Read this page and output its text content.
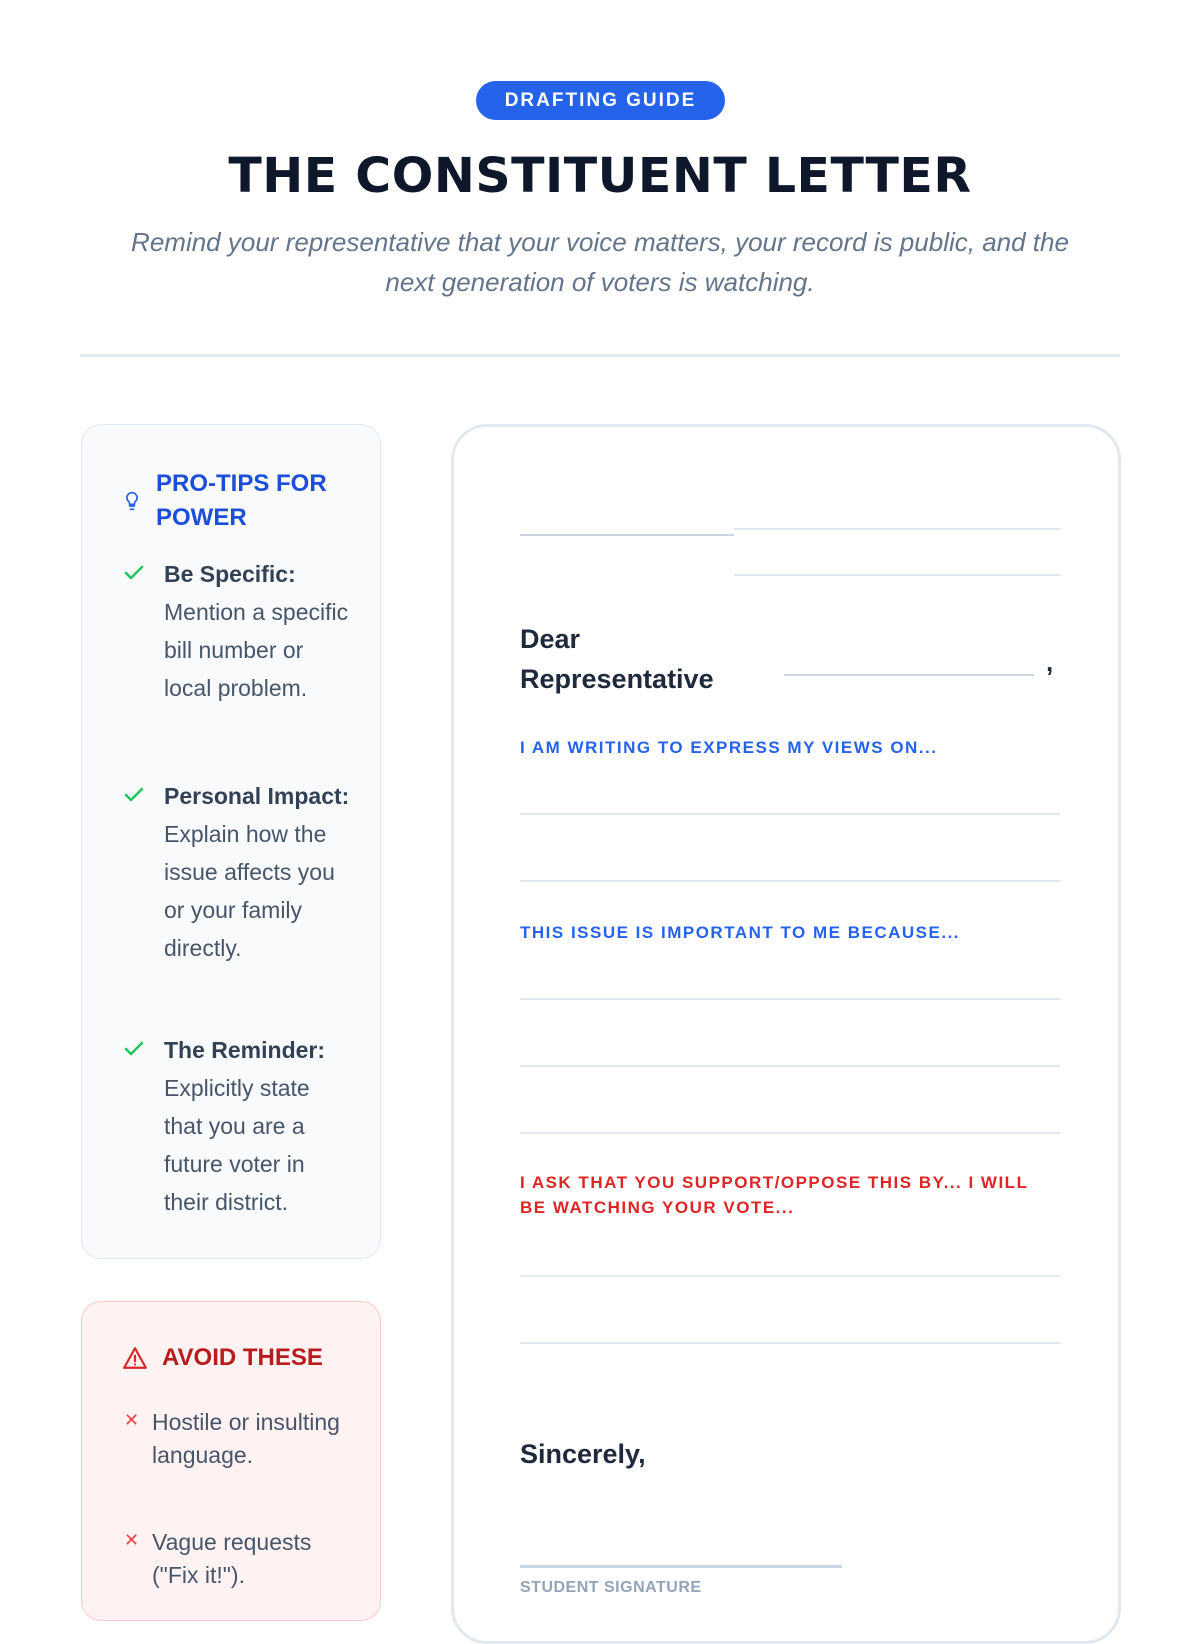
DRAFTING GUIDE
THE CONSTITUENT LETTER
Remind your representative that your voice matters, your record is public, and the next generation of voters is watching.
PRO-TIPS FOR POWER
Be Specific: Mention a specific bill number or local problem.
Personal Impact: Explain how the issue affects you or your family directly.
The Reminder: Explicitly state that you are a future voter in their district.
AVOID THESE
✕ Hostile or insulting language.
✕ Vague requests ("Fix it!").
Dear Representative
,
I AM WRITING TO EXPRESS MY VIEWS ON...
THIS ISSUE IS IMPORTANT TO ME BECAUSE...
I ASK THAT YOU SUPPORT/OPPOSE THIS BY... I WILL BE WATCHING YOUR VOTE...
Sincerely,
STUDENT SIGNATURE
